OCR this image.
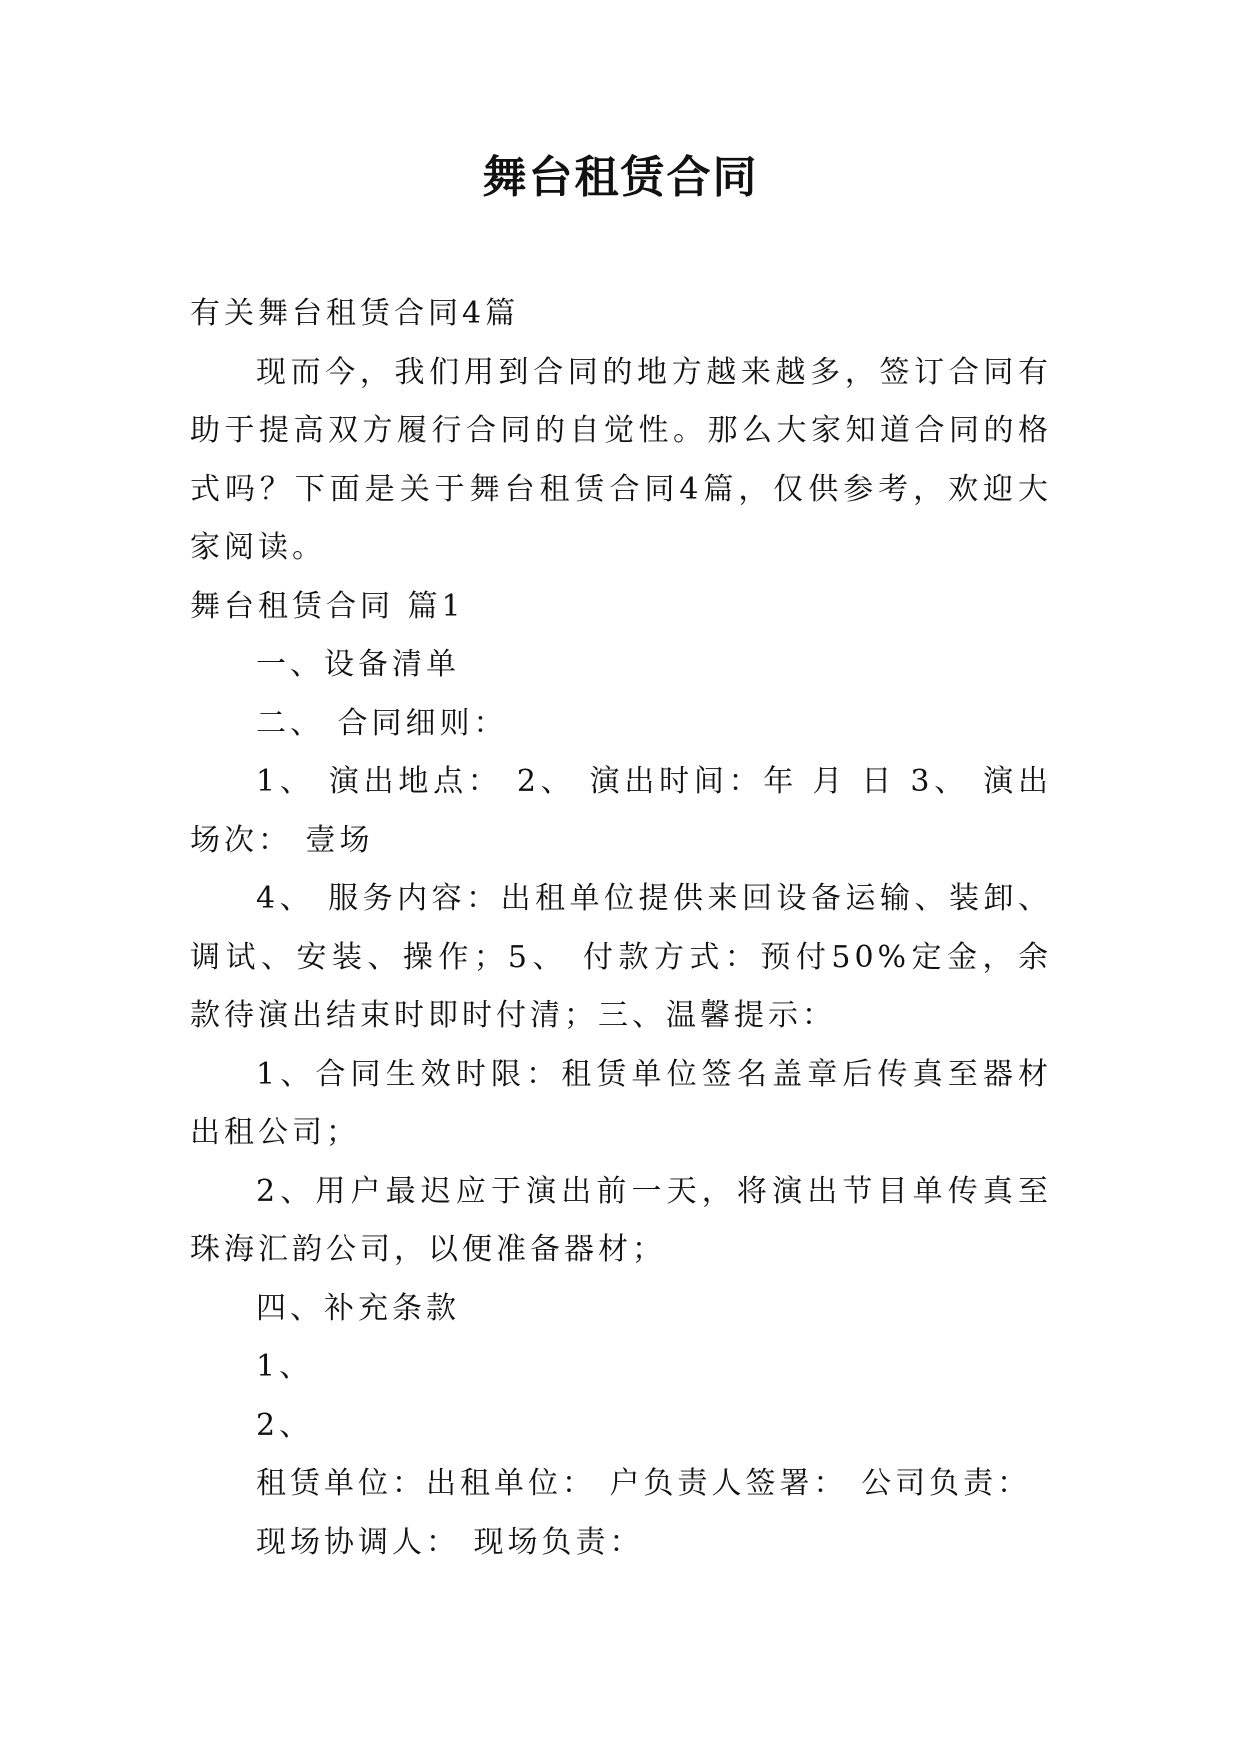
舞台租赁合同

有关舞台租赁合同4篇

现而今，我们用到合同的地方越来越多，签订合同有助于提高双方履行合同的自觉性。那么大家知道合同的格式吗？下面是关于舞台租赁合同4篇，仅供参考，欢迎大家阅读。

舞台租赁合同 篇1

一、设备清单

二、 合同细则：

1、 演出地点： 2、 演出时间：年 月 日 3、 演出场次： 壹场

4、 服务内容：出租单位提供来回设备运输、装卸、调试、安装、操作；5、 付款方式：预付50%定金，余款待演出结束时即时付清；三、温馨提示：

1、合同生效时限：租赁单位签名盖章后传真至器材出租公司；

2、用户最迟应于演出前一天，将演出节目单传真至珠海汇韵公司，以便准备器材；

四、补充条款

1、

2、

租赁单位：出租单位： 户负责人签署： 公司负责：

现场协调人： 现场负责：
